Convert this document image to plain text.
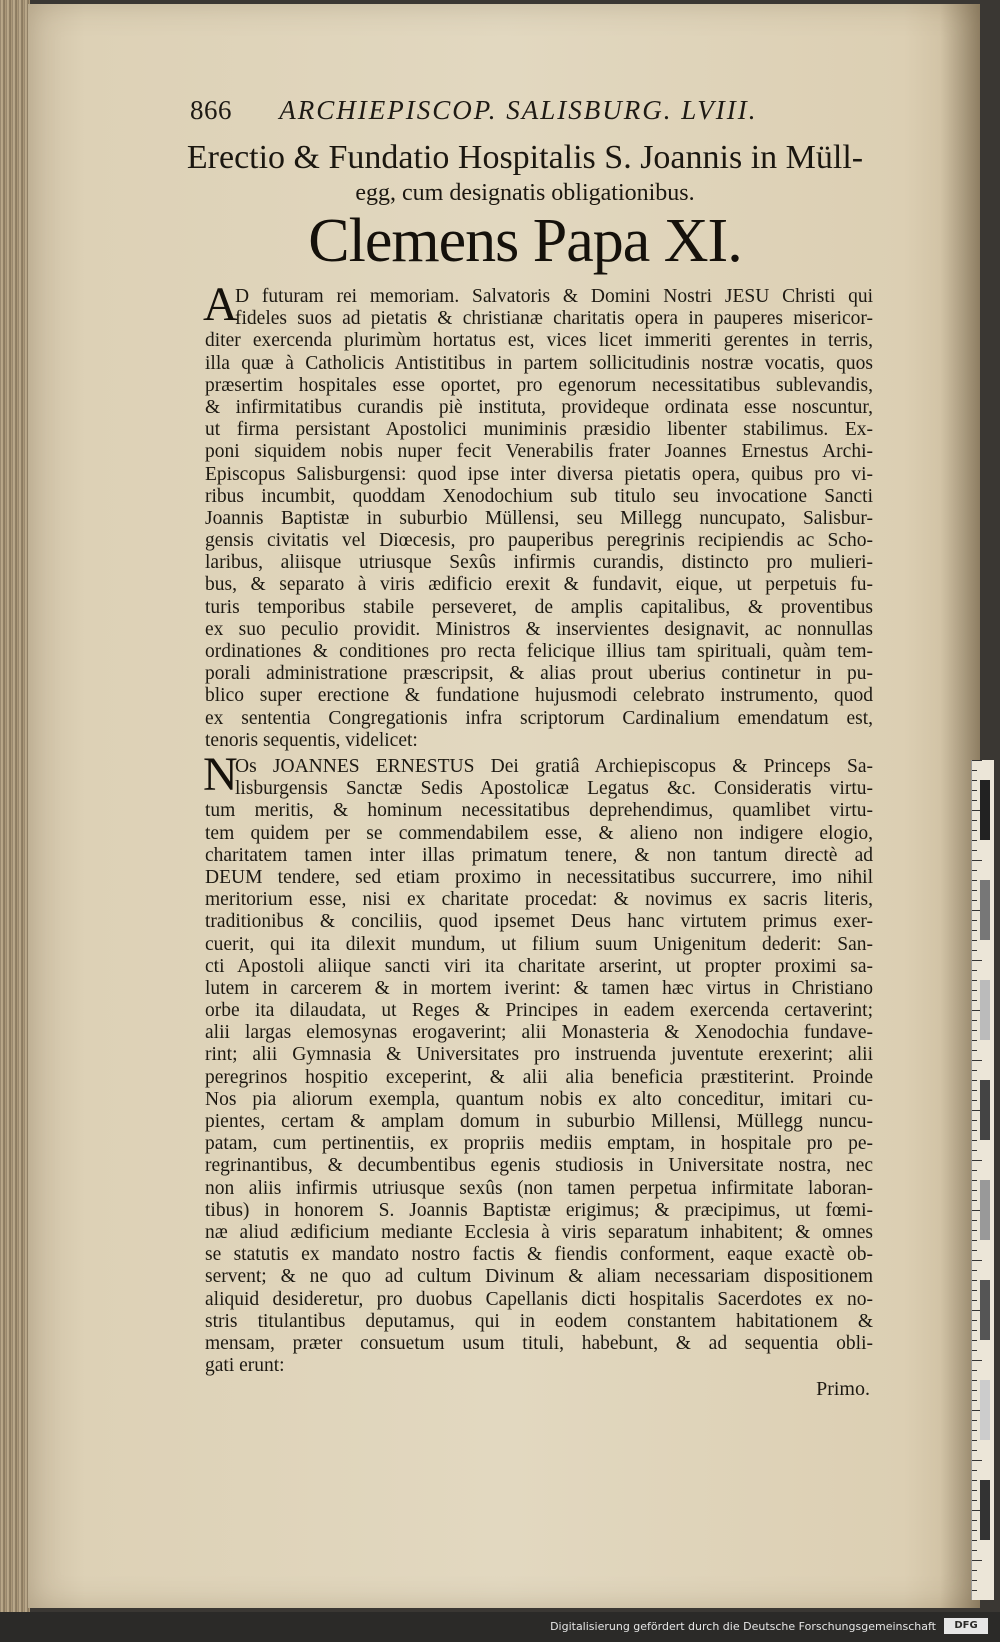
866 ARCHIEPISCOP. SALISBURG. LVIII.
Erectio & Fundatio Hospitalis S. Joannis in Müll-
egg, cum designatis obligationibus.
Clemens Papa XI.
A
D futuram rei memoriam. Salvatoris & Domini Nostri JESU Christi qui
fideles suos ad pietatis & christianæ charitatis opera in pauperes misericor-
diter exercenda plurimùm hortatus est, vices licet immeriti gerentes in terris,
illa quæ à Catholicis Antistitibus in partem sollicitudinis nostræ vocatis, quos
præsertim hospitales esse oportet, pro egenorum necessitatibus sublevandis,
& infirmitatibus curandis piè instituta, provideque ordinata esse noscuntur,
ut firma persistant Apostolici muniminis præsidio libenter stabilimus. Ex-
poni siquidem nobis nuper fecit Venerabilis frater Joannes Ernestus Archi-
Episcopus Salisburgensi: quod ipse inter diversa pietatis opera, quibus pro vi-
ribus incumbit, quoddam Xenodochium sub titulo seu invocatione Sancti
Joannis Baptistæ in suburbio Müllensi, seu Millegg nuncupato, Salisbur-
gensis civitatis vel Diœcesis, pro pauperibus peregrinis recipiendis ac Scho-
laribus, aliisque utriusque Sexûs infirmis curandis, distincto pro mulieri-
bus, & separato à viris ædificio erexit & fundavit, eique, ut perpetuis fu-
turis temporibus stabile perseveret, de amplis capitalibus, & proventibus
ex suo peculio providit. Ministros & inservientes designavit, ac nonnullas
ordinationes & conditiones pro recta felicique illius tam spirituali, quàm tem-
porali administratione præscripsit, & alias prout uberius continetur in pu-
blico super erectione & fundatione hujusmodi celebrato instrumento, quod
ex sententia Congregationis infra scriptorum Cardinalium emendatum est,
tenoris sequentis, videlicet:
N
Os JOANNES ERNESTUS Dei gratiâ Archiepiscopus & Princeps Sa-
lisburgensis Sanctæ Sedis Apostolicæ Legatus &c. Consideratis virtu-
tum meritis, & hominum necessitatibus deprehendimus, quamlibet virtu-
tem quidem per se commendabilem esse, & alieno non indigere elogio,
charitatem tamen inter illas primatum tenere, & non tantum directè ad
DEUM tendere, sed etiam proximo in necessitatibus succurrere, imo nihil
meritorium esse, nisi ex charitate procedat: & novimus ex sacris literis,
traditionibus & conciliis, quod ipsemet Deus hanc virtutem primus exer-
cuerit, qui ita dilexit mundum, ut filium suum Unigenitum dederit: San-
cti Apostoli aliique sancti viri ita charitate arserint, ut propter proximi sa-
lutem in carcerem & in mortem iverint: & tamen hæc virtus in Christiano
orbe ita dilaudata, ut Reges & Principes in eadem exercenda certaverint;
alii largas elemosynas erogaverint; alii Monasteria & Xenodochia fundave-
rint; alii Gymnasia & Universitates pro instruenda juventute erexerint; alii
peregrinos hospitio exceperint, & alii alia beneficia præstiterint. Proinde
Nos pia aliorum exempla, quantum nobis ex alto conceditur, imitari cu-
pientes, certam & amplam domum in suburbio Millensi, Müllegg nuncu-
patam, cum pertinentiis, ex propriis mediis emptam, in hospitale pro pe-
regrinantibus, & decumbentibus egenis studiosis in Universitate nostra, nec
non aliis infirmis utriusque sexûs (non tamen perpetua infirmitate laboran-
tibus) in honorem S. Joannis Baptistæ erigimus; & præcipimus, ut fœmi-
næ aliud ædificium mediante Ecclesia à viris separatum inhabitent; & omnes
se statutis ex mandato nostro factis & fiendis conforment, eaque exactè ob-
servent; & ne quo ad cultum Divinum & aliam necessariam dispositionem
aliquid desideretur, pro duobus Capellanis dicti hospitalis Sacerdotes ex no-
stris titulantibus deputamus, qui in eodem constantem habitationem &
mensam, præter consuetum usum tituli, habebunt, & ad sequentia obli-
gati erunt:
Primo.
Digitalisierung gefördert durch die Deutsche Forschungsgemeinschaft	DFG
